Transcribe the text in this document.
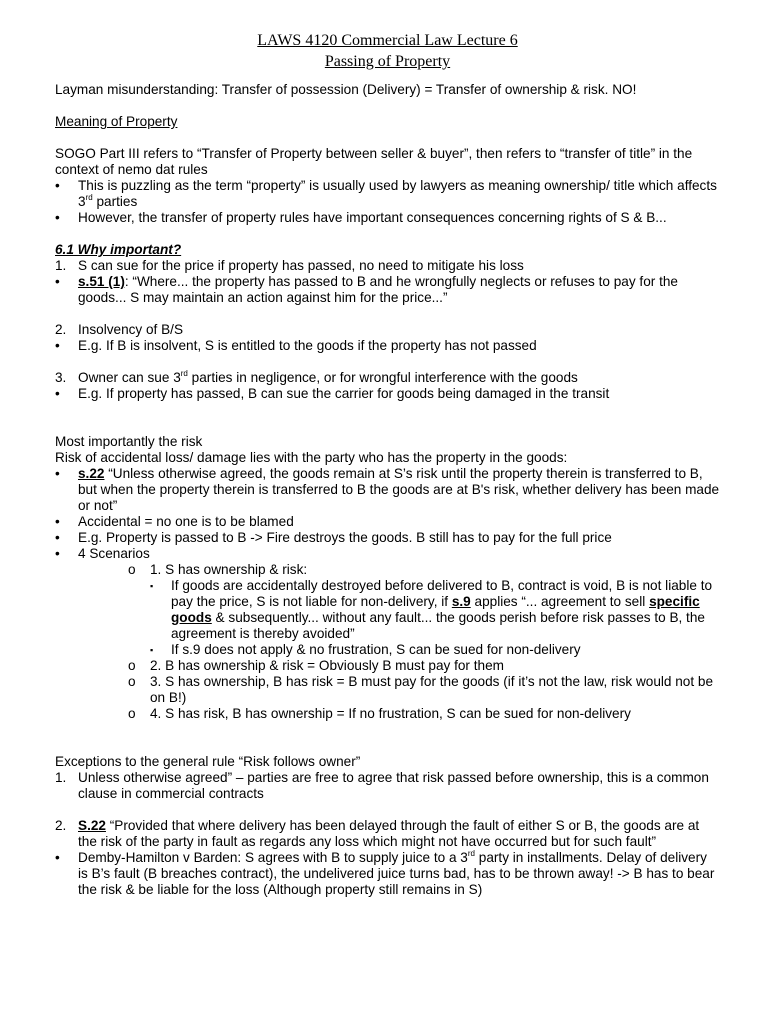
LAWS 4120 Commercial Law Lecture 6
Passing of Property

Layman misunderstanding: Transfer of possession (Delivery) = Transfer of ownership & risk. NO!

Meaning of Property

SOGO Part III refers to “Transfer of Property between seller & buyer”, then refers to “transfer of title” in the context of nemo dat rules

• This is puzzling as the term “property” is usually used by lawyers as meaning ownership/ title which affects 3rd parties
• However, the transfer of property rules have important consequences concerning rights of S & B...

6.1 Why important?

1. S can sue for the price if property has passed, no need to mitigate his loss
• s.51 (1): “Where... the property has passed to B and he wrongfully neglects or refuses to pay for the goods... S may maintain an action against him for the price...”
2. Insolvency of B/S
• E.g. If B is insolvent, S is entitled to the goods if the property has not passed
3. Owner can sue 3rd parties in negligence, or for wrongful interference with the goods
• E.g. If property has passed, B can sue the carrier for goods being damaged in the transit

Most importantly the risk

Risk of accidental loss/ damage lies with the party who has the property in the goods:

• s.22 “Unless otherwise agreed, the goods remain at S’s risk until the property therein is transferred to B, but when the property therein is transferred to B the goods are at B's risk, whether delivery has been made or not”
• Accidental = no one is to be blamed
• E.g. Property is passed to B -> Fire destroys the goods. B still has to pay for the full price
• 4 Scenarios
o 1. S has ownership & risk:
▪ If goods are accidentally destroyed before delivered to B, contract is void, B is not liable to pay the price, S is not liable for non-delivery, if s.9 applies “... agreement to sell specific goods & subsequently... without any fault... the goods perish before risk passes to B, the agreement is thereby avoided”
▪ If s.9 does not apply & no frustration, S can be sued for non-delivery
o 2. B has ownership & risk = Obviously B must pay for them
o 3. S has ownership, B has risk = B must pay for the goods (if it’s not the law, risk would not be on B!)
o 4. S has risk, B has ownership = If no frustration, S can be sued for non-delivery

Exceptions to the general rule “Risk follows owner”

1. Unless otherwise agreed” – parties are free to agree that risk passed before ownership, this is a common clause in commercial contracts
2. S.22 “Provided that where delivery has been delayed through the fault of either S or B, the goods are at the risk of the party in fault as regards any loss which might not have occurred but for such fault”
• Demby-Hamilton v Barden: S agrees with B to supply juice to a 3rd party in installments. Delay of delivery is B’s fault (B breaches contract), the undelivered juice turns bad, has to be thrown away! -> B has to bear the risk & be liable for the loss (Although property still remains in S)
